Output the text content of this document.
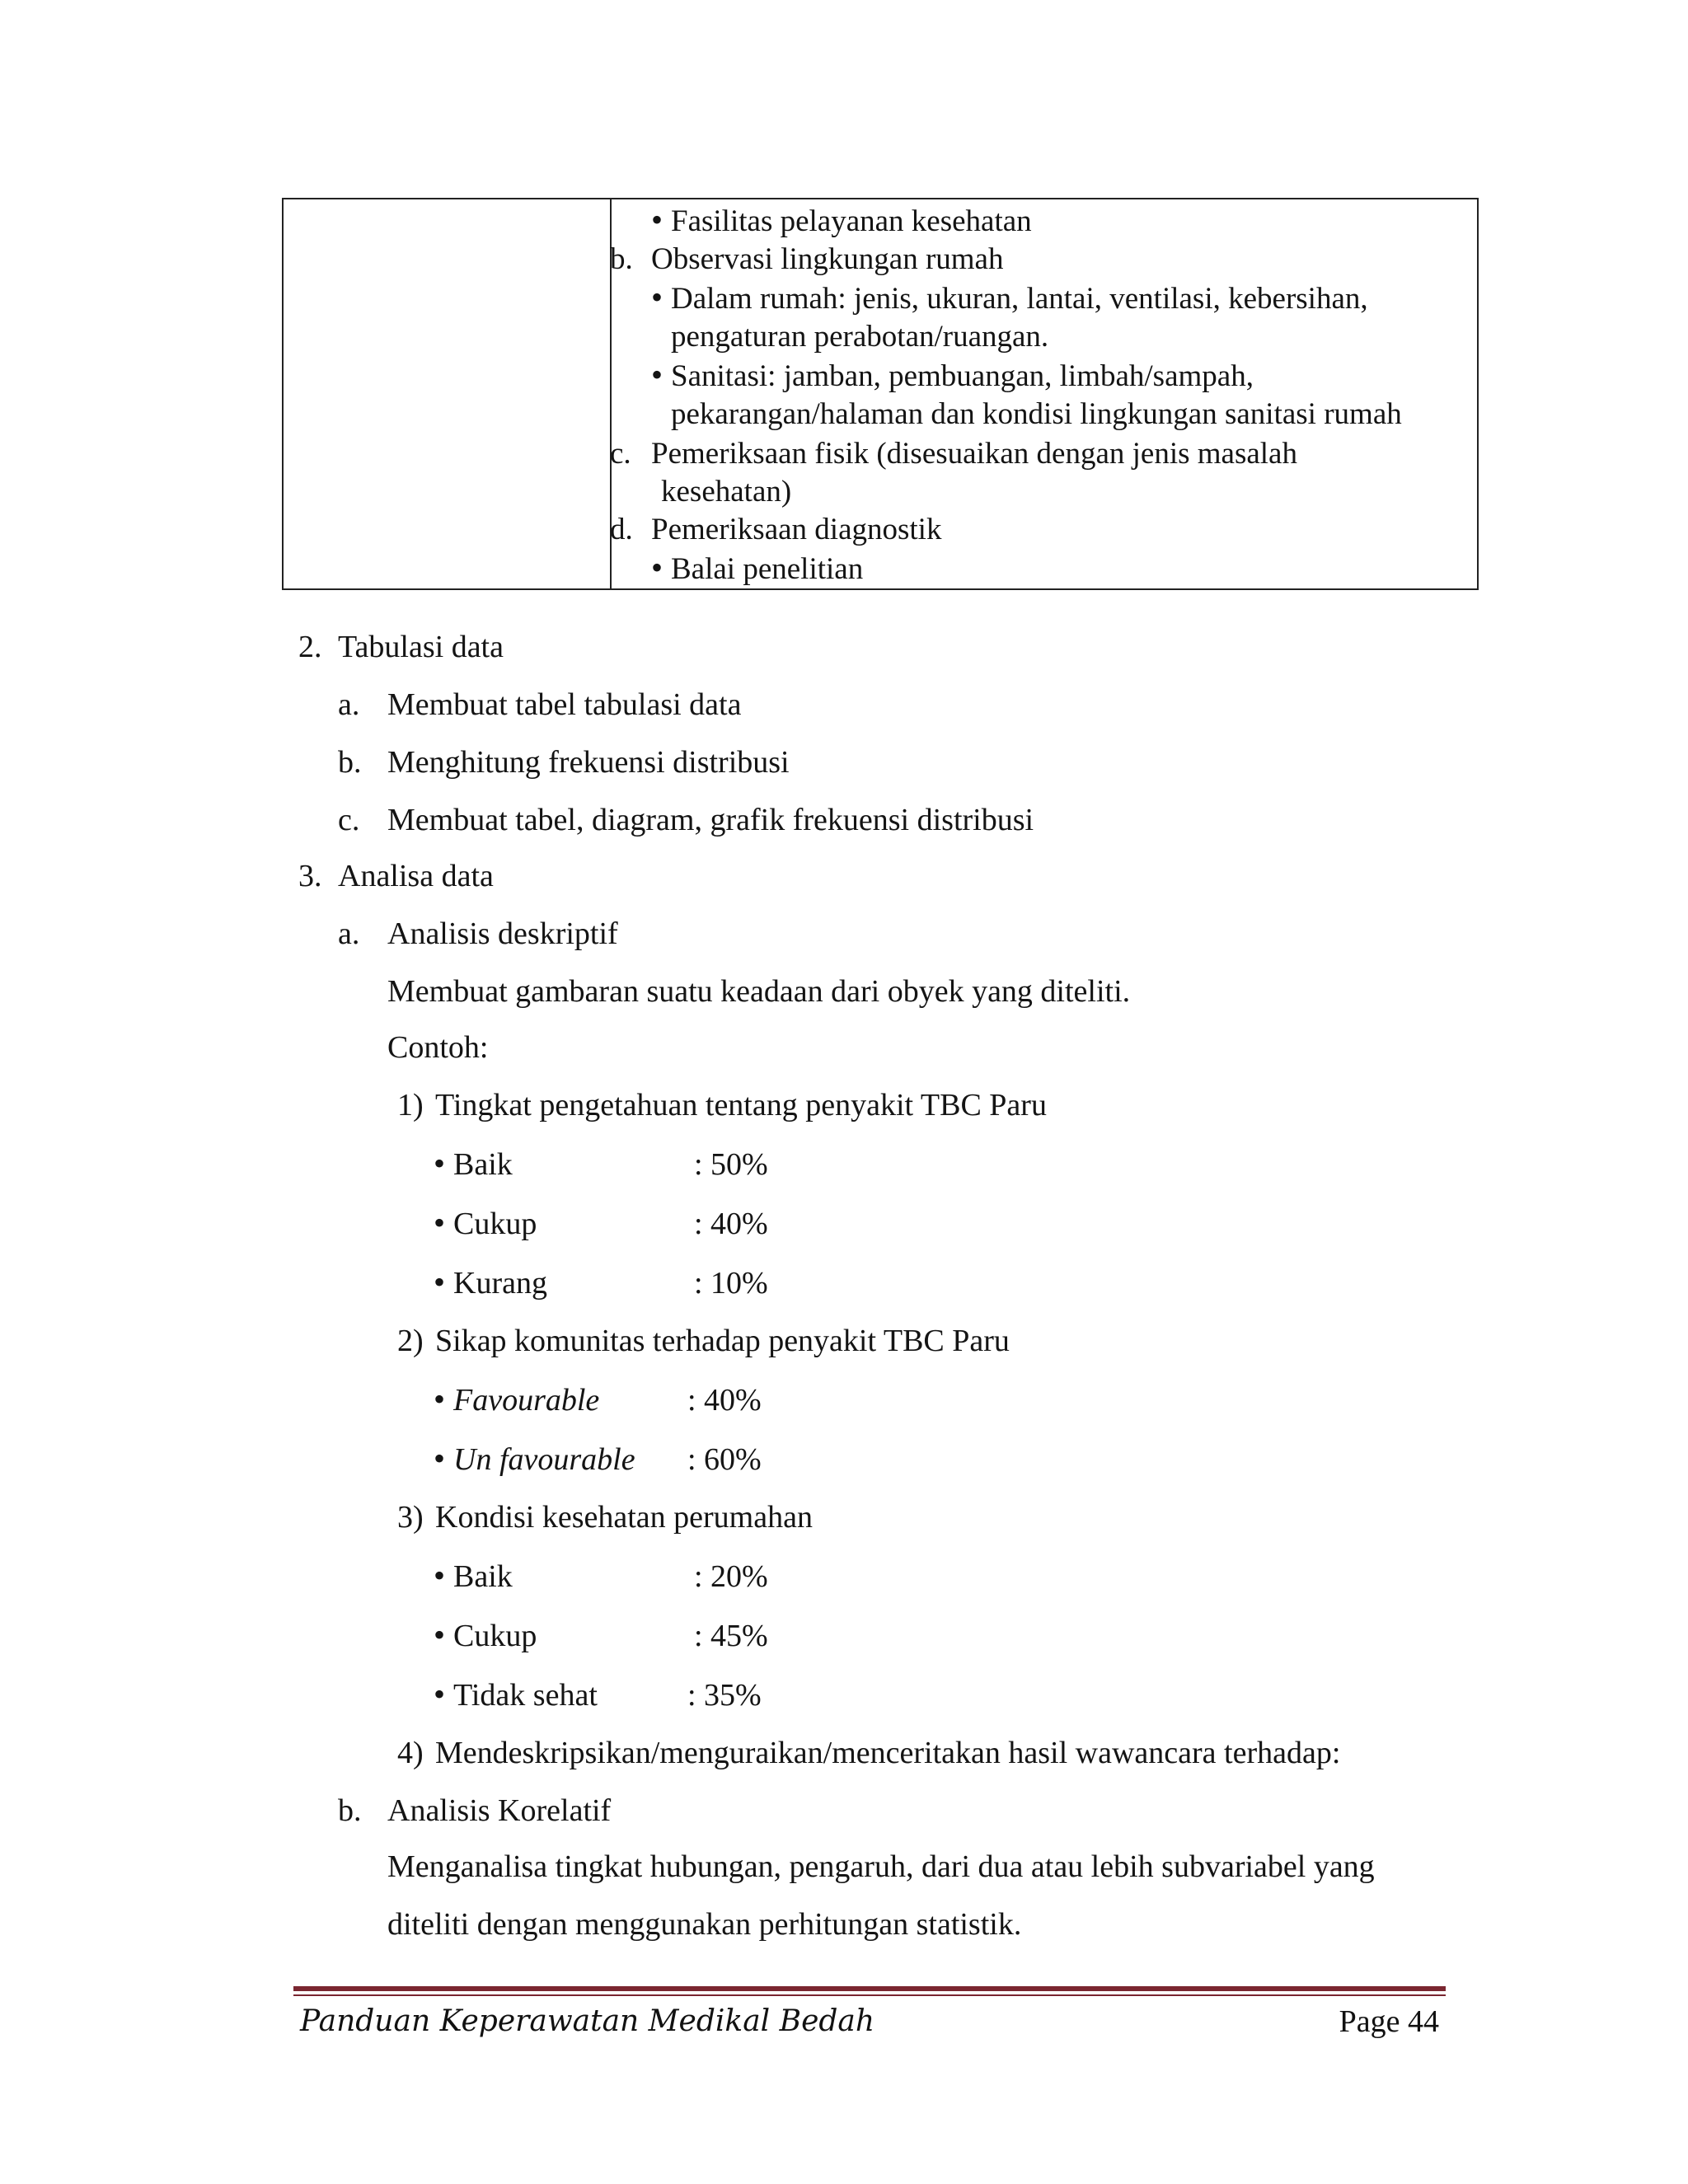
• Fasilitas pelayanan kesehatan
b. Observasi lingkungan rumah
• Dalam rumah: jenis, ukuran, lantai, ventilasi, kebersihan,
pengaturan perabotan/ruangan.
• Sanitasi: jamban, pembuangan, limbah/sampah,
pekarangan/halaman dan kondisi lingkungan sanitasi rumah
c. Pemeriksaan fisik (disesuaikan dengan jenis masalah
kesehatan)
d. Pemeriksaan diagnostik
• Balai penelitian
2. Tabulasi data
a. Membuat tabel tabulasi data
b. Menghitung frekuensi distribusi
c. Membuat tabel, diagram, grafik frekuensi distribusi
3. Analisa data
a. Analisis deskriptif
Membuat gambaran suatu keadaan dari obyek yang diteliti.
Contoh:
1) Tingkat pengetahuan tentang penyakit TBC Paru
• Baik	: 50%
• Cukup	: 40%
• Kurang	: 10%
2) Sikap komunitas terhadap penyakit TBC Paru
• Favourable	: 40%
• Un favourable : 60%
3) Kondisi kesehatan perumahan
• Baik	: 20%
• Cukup	: 45%
• Tidak sehat	: 35%
4) Mendeskripsikan/menguraikan/menceritakan hasil wawancara terhadap:
b. Analisis Korelatif
Menganalisa tingkat hubungan, pengaruh, dari dua atau lebih subvariabel yang
diteliti dengan menggunakan perhitungan statistik.
Panduan Keperawatan Medikal Bedah	Page 44
